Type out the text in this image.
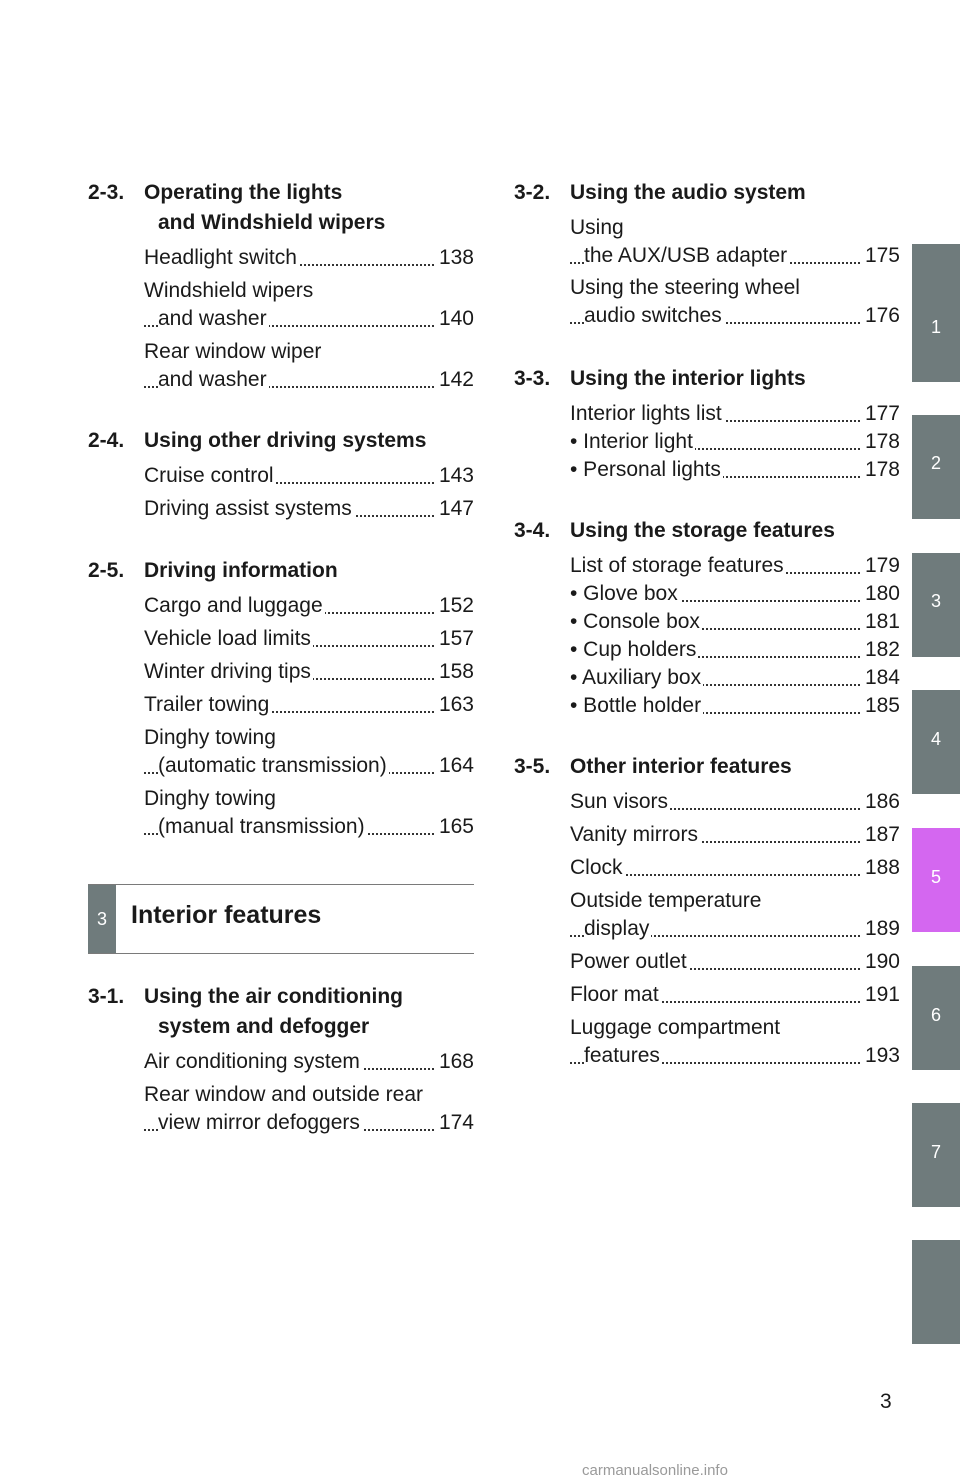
2-3. Operating the lights
and Windshield wipers
Headlight switch	138
Windshield wipers
and washer	140
Rear window wiper
and washer	142
2-4. Using other driving systems
Cruise control	143
Driving assist systems	147
2-5. Driving information
Cargo and luggage	152
Vehicle load limits	157
Winter driving tips	158
Trailer towing	163
Dinghy towing
(automatic transmission) 164
Dinghy towing
(manual transmission)	165
3 Interior features
3-1. Using the air conditioning
system and defogger
Air conditioning system	168
Rear window and outside rear
view mirror defoggers	174
3-2. Using the audio system
Using
the AUX/USB adapter	175
Using the steering wheel
audio switches	176
3-3. Using the interior lights
Interior lights list	177
• Interior light	178
• Personal lights	178
3-4. Using the storage features
List of storage features	179
• Glove box	180
• Console box	181
• Cup holders	182
• Auxiliary box	184
• Bottle holder	185
3-5. Other interior features
Sun visors	186
Vanity mirrors	187
Clock	188
Outside temperature
display	189
Power outlet	190
Floor mat	191
Luggage compartment
features	193
1
2
3
4
5
6
7
3
carmanualsonline.info
